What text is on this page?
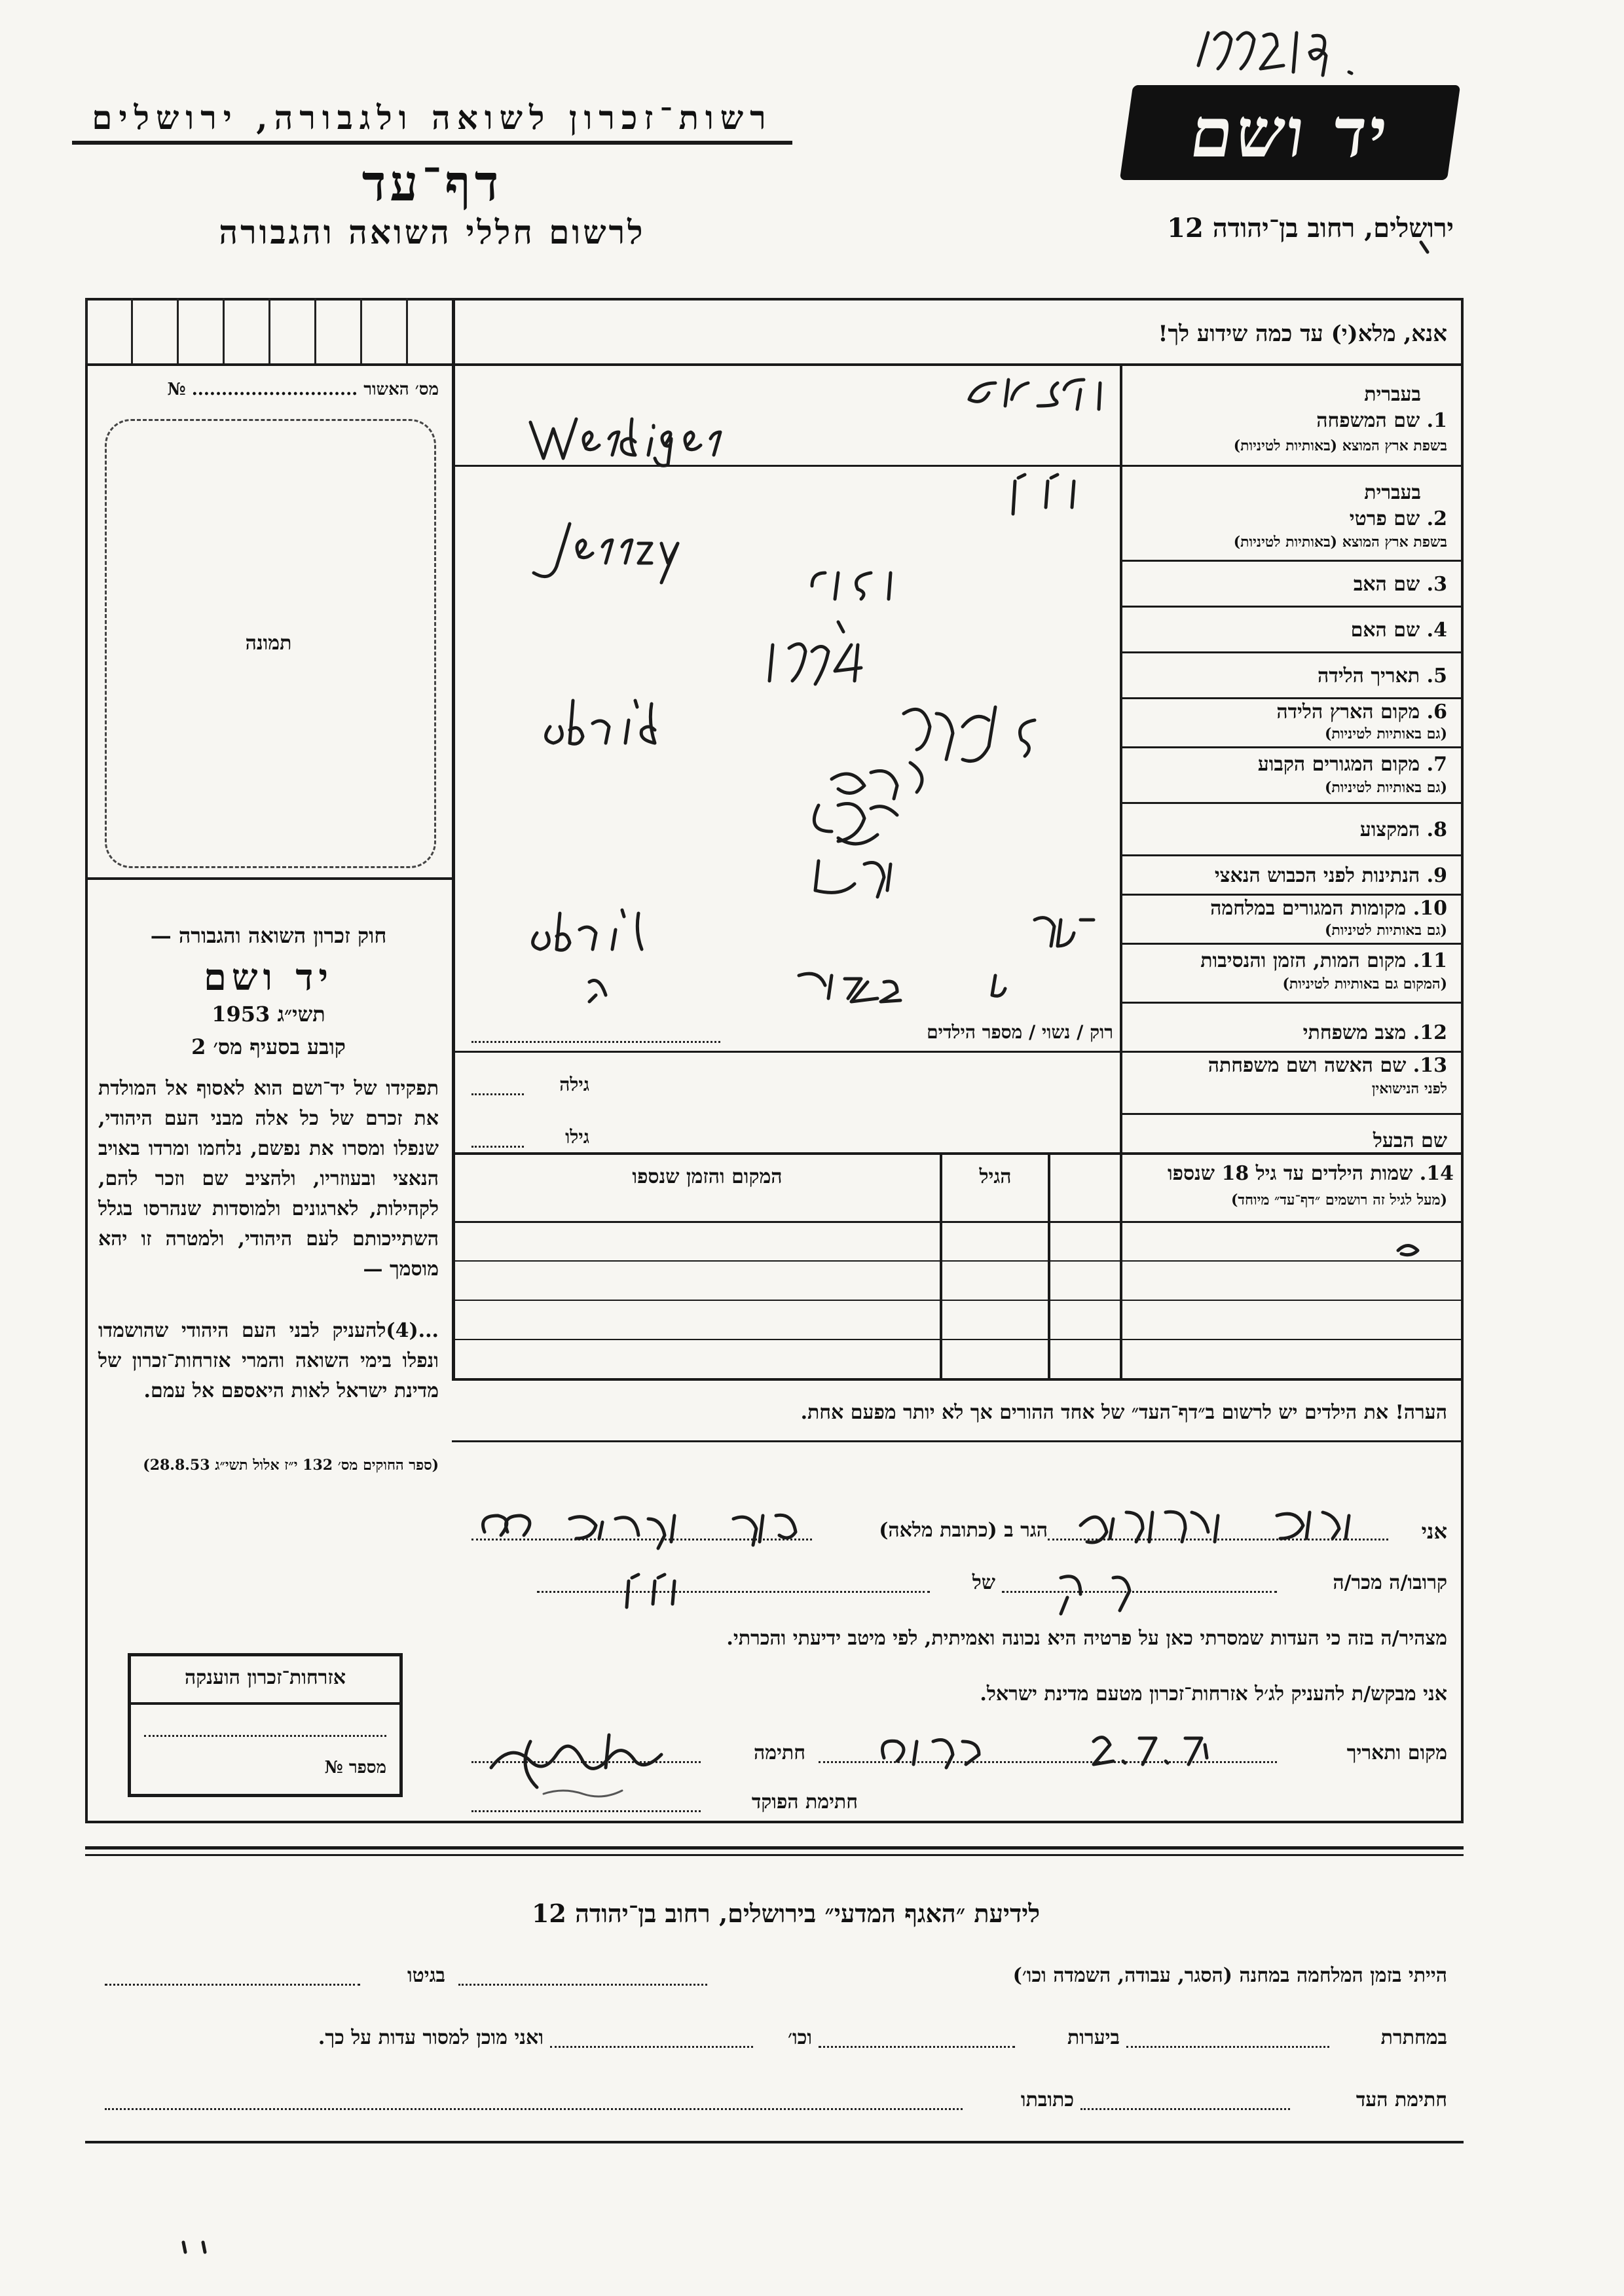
רשות־זכרון לשואה ולגבורה, ירושלים
דף־עד
לרשום חללי השואה והגבורה
יד ושם
ירושלים, רחוב בן־יהודה 12
אנא, מלא(י) עד כמה שידוע לך!
מס׳ האשור ............................ №
תמונה
חוק זכרון השואה והגבורה —
יד ושם
תשי״ג 1953
קובע בסעיף מס׳ 2
תפקידו של יד־ושם הוא לאסוף אל המולדת את זכרם של כל אלה מבני העם היהודי, שנפלו ומסרו את נפשם, נלחמו ומרדו באויב הנאצי ובעוזריו, ולהציב שם וזכר להם, לקהילות, לארגונים ולמוסדות שנהרסו בגלל השתייכותם לעם היהודי, ולמטרה זו יהא מוסמך —
...(4)להעניק לבני העם היהודי שהושמדו ונפלו בימי השואה והמרי אזרחות־זכרון של מדינת ישראל לאות היאספם אל עמם.
(ספר החוקים מס׳ 132 י״ז אלול תשי״ג 28.8.53)
אזרחות־זכרון הוענקה
מספר №
בעברית
1. שם המשפחה
בשפת ארץ המוצא (באותיות לטיניות)
בעברית
2. שם פרטי
בשפת ארץ המוצא (באותיות לטיניות)
3. שם האב
4. שם האם
5. תאריך הלידה
6. מקום הארץ הלידה
(גם באותיות לטיניות)
7. מקום המגורים הקבוע
(גם באותיות לטיניות)
8. המקצוע
9. הנתינות לפני הכבוש הנאצי
10. מקומות המגורים במלחמה
(גם באותיות לטיניות)
11. מקום המות, הזמן והנסיבות
(המקום גם באותיות לטיניות)
12. מצב משפחתי
13. שם האשה ושם משפחתה
לפני הנישואין
שם הבעל
רוק / נשוי / מספר הילדים
גילה
גילו
14. שמות הילדים עד גיל 18 שנספו
(מעל לגיל זה רושמים ״דף־עד״ מיוחד)
הגיל
המקום והזמן שנספו
הערה! את הילדים יש לרשום ב״דף־העד״ של אחד ההורים אך לא יותר מפעם אחת.
אני
הגר ב (כתובת מלאה)
קרובו/ה מכר/ה
של
מצהיר/ה בזה כי העדות שמסרתי כאן על פרטיה היא נכונה ואמיתית, לפי מיטב ידיעתי והכרתי.
אני מבקש/ת להעניק לג׳ל אזרחות־זכרון מטעם מדינת ישראל.
מקום ותאריך
חתימה
חתימת הפוקד
לידיעת ״האגף המדעי״ בירושלים, רחוב בן־יהודה 12
הייתי בזמן המלחמה במחנה (הסגר, עבודה, השמדה וכו׳)
בגיטו
במחתרת
ביערות
וכו׳
ואני מוכן למסור עדות על כך.
חתימת העד
כתובתו
